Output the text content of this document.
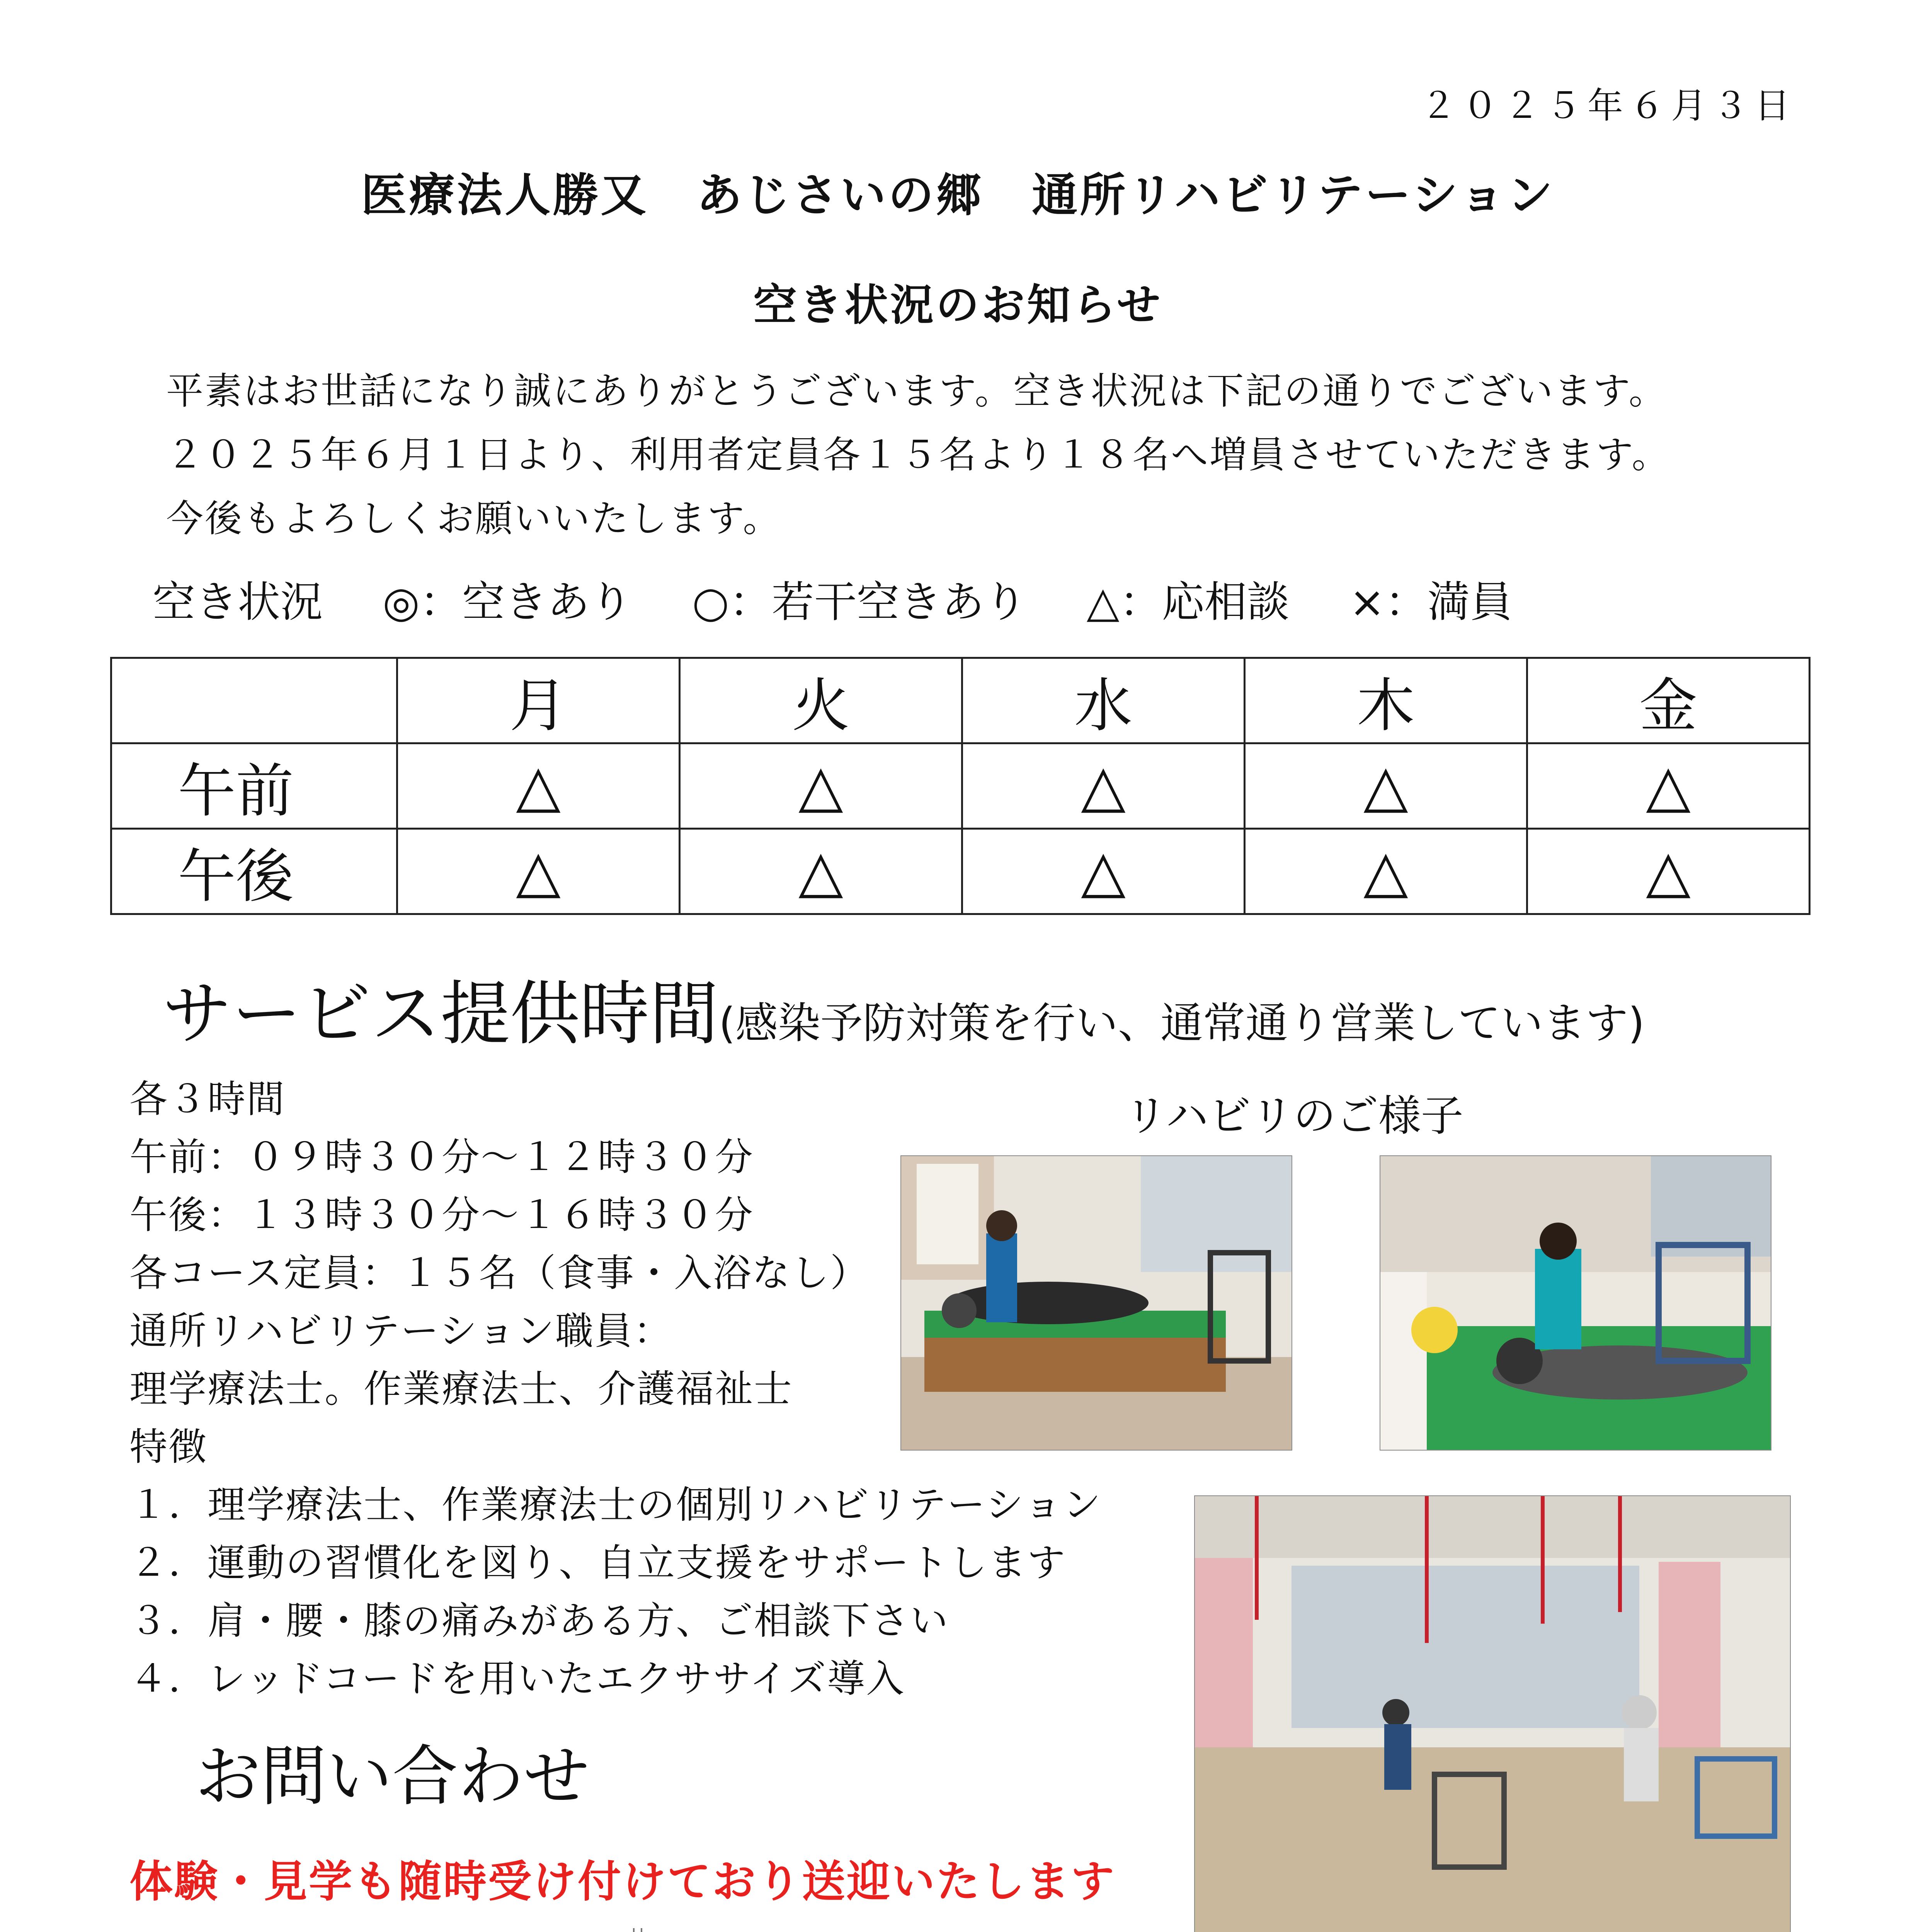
２０２５年６月３日
医療法人勝又　あじさいの郷　通所リハビリテーション
空き状況のお知らせ
平素はお世話になり誠にありがとうございます。空き状況は下記の通りでございます。
２０２５年６月１日より、利用者定員各１５名より１８名へ増員させていただきます。
今後もよろしくお願いいたします。
空き状況 ◎：空きあり ○：若干空きあり △：応相談 ×：満員
	月	火	水	木	金
午前	△	△	△	△	△
午後	△	△	△	△	△
サービス提供時間(感染予防対策を行い、通常通り営業しています)
各３時間
午前：０９時３０分～１２時３０分
午後：１３時３０分～１６時３０分
各コース定員：１５名（食事・入浴なし）
通所リハビリテーション職員：
理学療法士。作業療法士、介護福祉士
特徴
１．理学療法士、作業療法士の個別リハビリテーション
２．運動の習慣化を図り、自立支援をサポートします
３．肩・腰・膝の痛みがある方、ご相談下さい
４．レッドコードを用いたエクササイズ導入
リハビリのご様子
お問い合わせ
体験・見学も随時受け付けており送迎いたします
